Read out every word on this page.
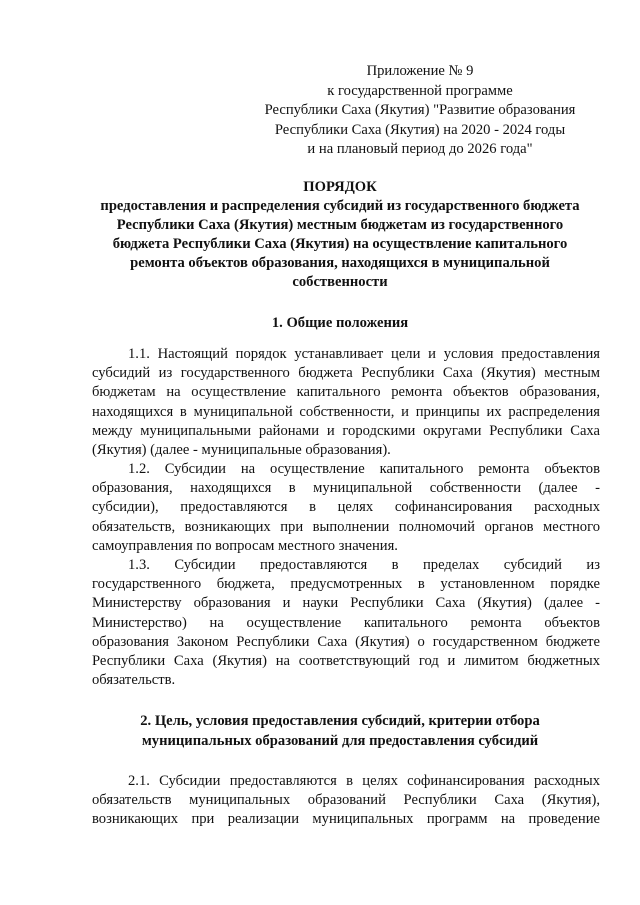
Приложение № 9
к государственной программе
Республики Саха (Якутия) "Развитие образования
Республики Саха (Якутия) на 2020 - 2024 годы
и на плановый период до 2026 года"
ПОРЯДОК
предоставления и распределения субсидий из государственного бюджета
Республики Саха (Якутия) местным бюджетам из государственного
бюджета Республики Саха (Якутия) на осуществление капитального
ремонта объектов образования, находящихся в муниципальной
собственности
1. Общие положения
1.1. Настоящий порядок устанавливает цели и условия предоставления
субсидий из государственного бюджета Республики Саха (Якутия) местным
бюджетам на осуществление капитального ремонта объектов образования,
находящихся в муниципальной собственности, и принципы их распределения
между муниципальными районами и городскими округами Республики Саха
(Якутия) (далее - муниципальные образования).
1.2. Субсидии на осуществление капитального ремонта объектов
образования, находящихся в муниципальной собственности (далее -
субсидии), предоставляются в целях софинансирования расходных
обязательств, возникающих при выполнении полномочий органов местного
самоуправления по вопросам местного значения.
1.3. Субсидии предоставляются в пределах субсидий из
государственного бюджета, предусмотренных в установленном порядке
Министерству образования и науки Республики Саха (Якутия) (далее -
Министерство) на осуществление капитального ремонта объектов
образования Законом Республики Саха (Якутия) о государственном бюджете
Республики Саха (Якутия) на соответствующий год и лимитом бюджетных
обязательств.
2. Цель, условия предоставления субсидий, критерии отбора
муниципальных образований для предоставления субсидий
2.1. Субсидии предоставляются в целях софинансирования расходных
обязательств муниципальных образований Республики Саха (Якутия),
возникающих при реализации муниципальных программ на проведение
